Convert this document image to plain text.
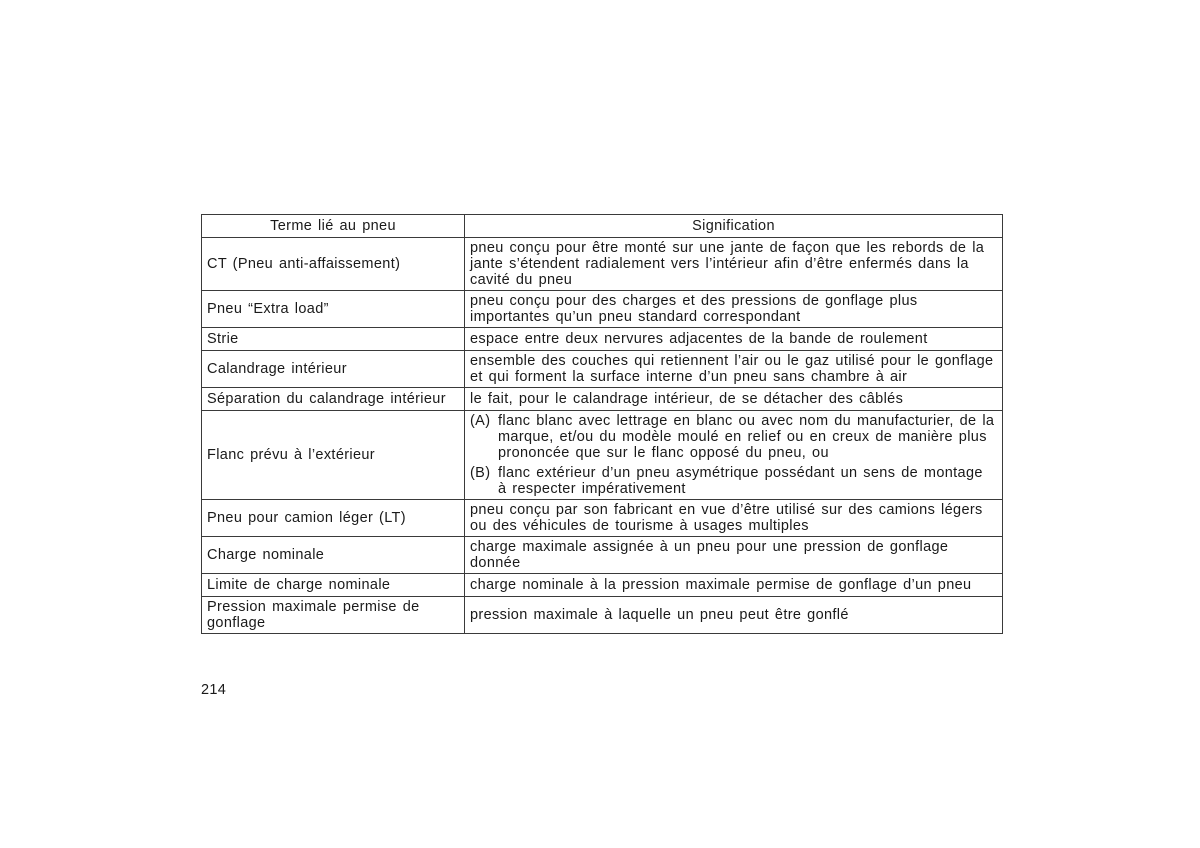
Terme lié au pneu	Signification
CT (Pneu anti‑affaissement)	pneu conçu pour être monté sur une jante de façon que les rebords de la jante s’étendent radialement vers l’intérieur afin d’être enfermés dans la cavité du pneu
Pneu “Extra load”	pneu conçu pour des charges et des pressions de gonflage plus importantes qu’un pneu standard correspondant
Strie	espace entre deux nervures adjacentes de la bande de roulement
Calandrage intérieur	ensemble des couches qui retiennent l’air ou le gaz utilisé pour le gonflage et qui forment la surface interne d’un pneu sans chambre à air
Séparation du calandrage intérieur	le fait, pour le calandrage intérieur, de se détacher des câblés
Flanc prévu à l’extérieur	(A) flanc blanc avec lettrage en blanc ou avec nom du manufacturier, de la marque, et/ou du modèle moulé en relief ou en creux de manière plus prononcée que sur le flanc opposé du pneu, ou
(B) flanc extérieur d’un pneu asymétrique possédant un sens de montage à respecter impérativement

Pneu pour camion léger (LT)	pneu conçu par son fabricant en vue d’être utilisé sur des camions légers ou des véhicules de tourisme à usages multiples
Charge nominale	charge maximale assignée à un pneu pour une pression de gonflage donnée
Limite de charge nominale	charge nominale à la pression maximale permise de gonflage d’un pneu
Pression maximale permise de gonflage	pression maximale à laquelle un pneu peut être gonflé
214
